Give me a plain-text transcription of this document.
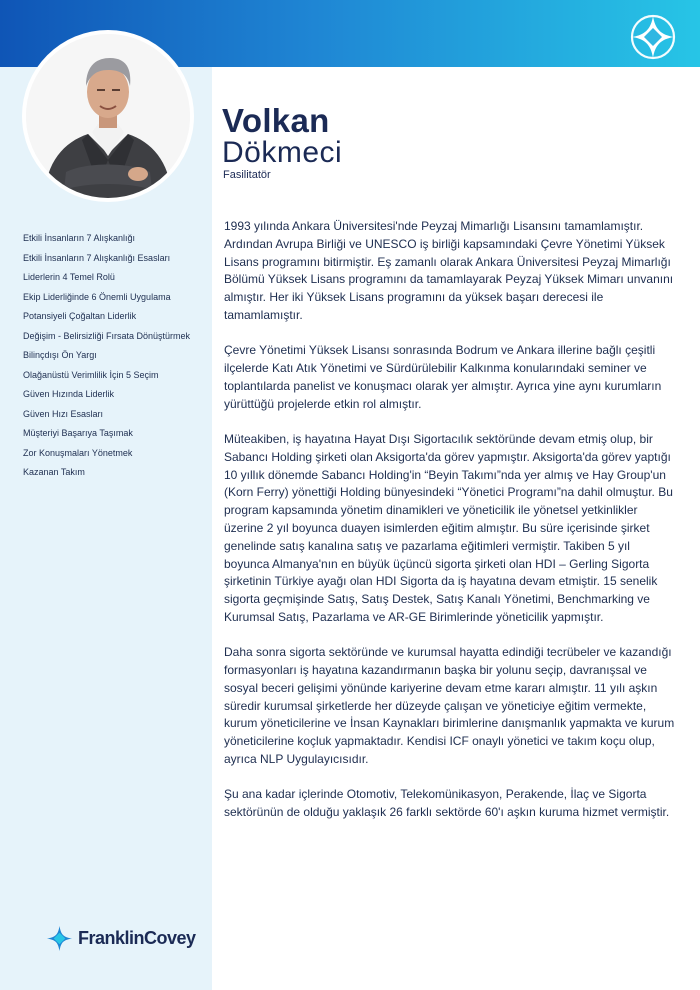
Volkan
Dökmeci
Fasilitatör
Etkili İnsanların 7 Alışkanlığı
Etkili İnsanların 7 Alışkanlığı Esasları
Liderlerin 4 Temel Rolü
Ekip Liderliğinde 6 Önemli Uygulama
Potansiyeli Çoğaltan Liderlik
Değişim - Belirsizliği Fırsata Dönüştürmek
Bilinçdışı Ön Yargı
Olağanüstü Verimlilik İçin 5 Seçim
Güven Hızında Liderlik
Güven Hızı Esasları
Müşteriyi Başarıya Taşımak
Zor Konuşmaları Yönetmek
Kazanan Takım

1993 yılında Ankara Üniversitesi'nde Peyzaj Mimarlığı Lisansını tamamlamıştır. Ardından Avrupa Birliği ve UNESCO iş birliği kapsamındaki Çevre Yönetimi Yüksek Lisans programını bitirmiştir. Eş zamanlı olarak Ankara Üniversitesi Peyzaj Mimarlığı Bölümü Yüksek Lisans programını da tamamlayarak Peyzaj Yüksek Mimarı unvanını almıştır. Her iki Yüksek Lisans programını da yüksek başarı derecesi ile tamamlamıştır.

Çevre Yönetimi Yüksek Lisansı sonrasında Bodrum ve Ankara illerine bağlı çeşitli ilçelerde Katı Atık Yönetimi ve Sürdürülebilir Kalkınma konularındaki seminer ve toplantılarda panelist ve konuşmacı olarak yer almıştır. Ayrıca yine aynı kurumların yürüttüğü projelerde etkin rol almıştır.

Müteakiben, iş hayatına Hayat Dışı Sigortacılık sektöründe devam etmiş olup, bir Sabancı Holding şirketi olan Aksigorta'da görev yapmıştır. Aksigorta'da görev yaptığı 10 yıllık dönemde Sabancı Holding'in “Beyin Takımı”nda yer almış ve Hay Group'un (Korn Ferry) yönettiği Holding bünyesindeki “Yönetici Programı”na dahil olmuştur. Bu program kapsamında yönetim dinamikleri ve yöneticilik ile yönetsel yetkinlikler üzerine 2 yıl boyunca duayen isimlerden eğitim almıştır. Bu süre içerisinde şirket genelinde satış kanalına satış ve pazarlama eğitimleri vermiştir. Takiben 5 yıl boyunca Almanya'nın en büyük üçüncü sigorta şirketi olan HDI – Gerling Sigorta şirketinin Türkiye ayağı olan HDI Sigorta da iş hayatına devam etmiştir. 15 senelik sigorta geçmişinde Satış, Satış Destek, Satış Kanalı Yönetimi, Benchmarking ve Kurumsal Satış, Pazarlama ve AR-GE Birimlerinde yöneticilik yapmıştır.

Daha sonra sigorta sektöründe ve kurumsal hayatta edindiği tecrübeler ve kazandığı formasyonları iş hayatına kazandırmanın başka bir yolunu seçip, davranışsal ve sosyal beceri gelişimi yönünde kariyerine devam etme kararı almıştır. 11 yılı aşkın süredir kurumsal şirketlerde her düzeyde çalışan ve yöneticiye eğitim vermekte, kurum yöneticilerine ve İnsan Kaynakları birimlerine danışmanlık yapmakta ve kurum yöneticilerine koçluk yapmaktadır. Kendisi ICF onaylı yönetici ve takım koçu olup, ayrıca NLP Uygulayıcısıdır.

Şu ana kadar içlerinde Otomotiv, Telekomünikasyon, Perakende, İlaç ve Sigorta sektörünün de olduğu yaklaşık 26 farklı sektörde 60'ı aşkın kuruma hizmet vermiştir.

FranklinCovey
